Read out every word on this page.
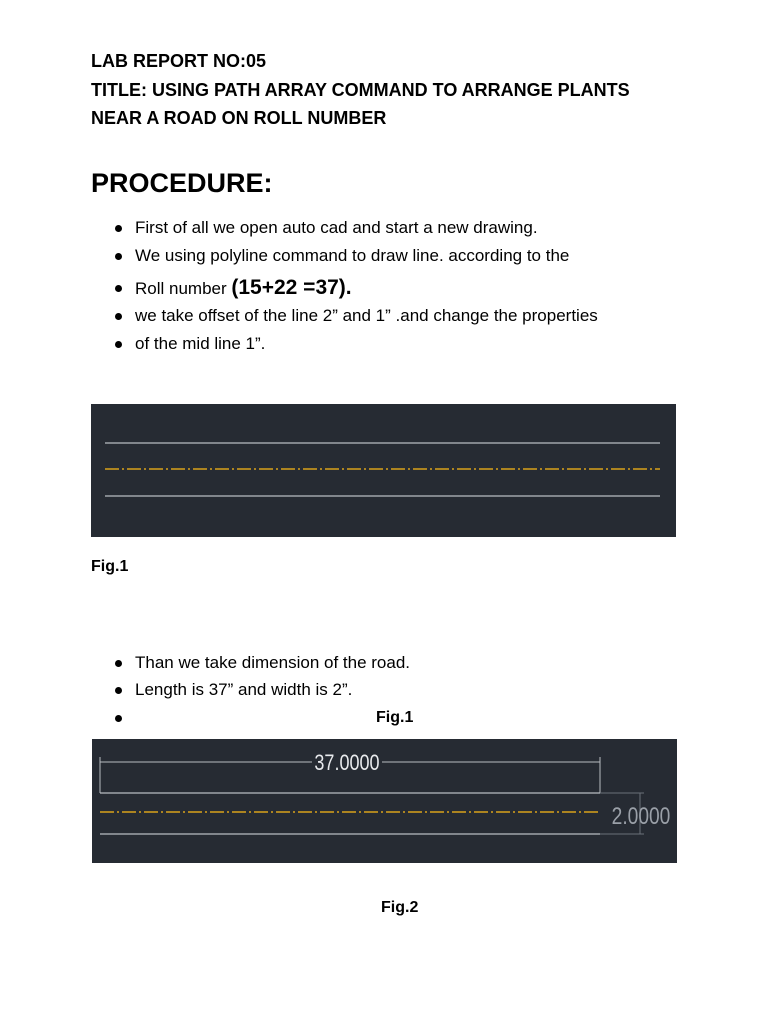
LAB REPORT NO:05
TITLE: USING PATH ARRAY COMMAND TO ARRANGE PLANTS
NEAR A ROAD ON ROLL NUMBER
PROCEDURE:
First of all we open auto cad and start a new drawing.
We using polyline command to draw line. according to the
Roll number (15+22 =37).
we take offset of the line 2” and 1” .and change the properties
of the mid line 1”.
Fig.1
Than we take dimension of the road.
Length is 37” and width is 2”.
Fig.1
37.0000
2.0000
Fig.2
